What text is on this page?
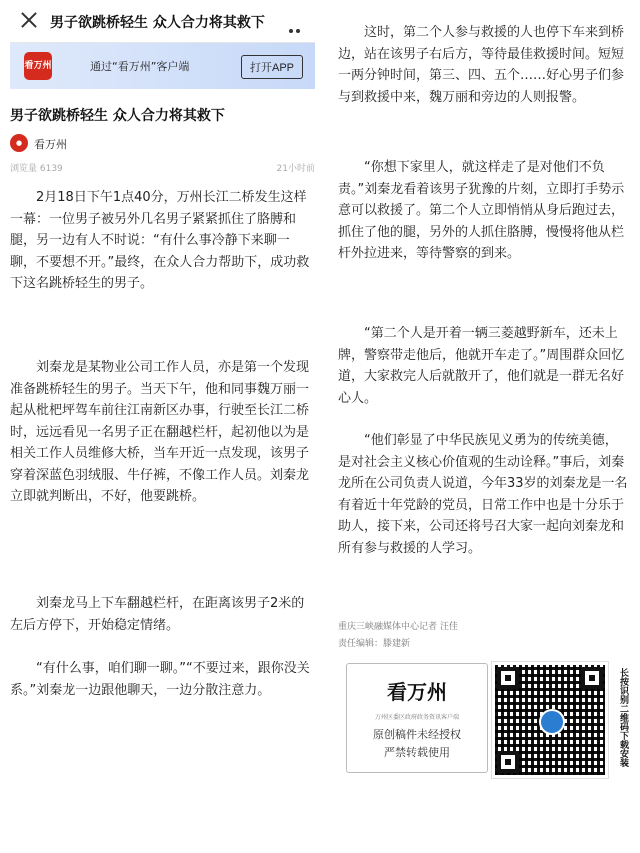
男子欲跳桥轻生 众人合力将其救下
看万州	通过“看万州”客户端	打开APP
男子欲跳桥轻生 众人合力将其救下
●	看万州
浏览量 6139	21小时前

2月18日下午1点40分，万州长江二桥发生这样一幕：一位男子被另外几名男子紧紧抓住了胳膊和腿，另一边有人不时说：“有什么事冷静下来聊一聊，不要想不开。”最终，在众人合力帮助下，成功救下这名跳桥轻生的男子。

刘秦龙是某物业公司工作人员，亦是第一个发现准备跳桥轻生的男子。当天下午，他和同事魏万丽一起从枇杷坪驾车前往江南新区办事，行驶至长江二桥时，远远看见一名男子正在翻越栏杆，起初他以为是相关工作人员维修大桥，当车开近一点发现，该男子穿着深蓝色羽绒服、牛仔裤，不像工作人员。刘秦龙立即就判断出，不好，他要跳桥。

刘秦龙马上下车翻越栏杆，在距离该男子2米的左后方停下，开始稳定情绪。

“有什么事，咱们聊一聊。”“不要过来，跟你没关系。”刘秦龙一边跟他聊天，一边分散注意力。

这时，第二个人参与救援的人也停下车来到桥边，站在该男子右后方，等待最佳救援时间。短短一两分钟时间，第三、四、五个……好心男子们参与到救援中来，魏万丽和旁边的人则报警。

“你想下家里人，就这样走了是对他们不负责。”刘秦龙看着该男子犹豫的片刻，立即打手势示意可以救援了。第二个人立即悄悄从身后跑过去，抓住了他的腿，另外的人抓住胳膊，慢慢将他从栏杆外拉进来，等待警察的到来。

“第二个人是开着一辆三菱越野新车，还未上牌，警察带走他后，他就开车走了。”周围群众回忆道，大家救完人后就散开了，他们就是一群无名好心人。

“他们彰显了中华民族见义勇为的传统美德，是对社会主义核心价值观的生动诠释。”事后，刘秦龙所在公司负责人说道，今年33岁的刘秦龙是一名有着近十年党龄的党员，日常工作中也是十分乐于助人，接下来，公司还将号召大家一起向刘秦龙和所有参与救援的人学习。

重庆三峡融媒体中心记者 汪佳
责任编辑：滕建新
看万州
万州区委区政府政务资讯客户端
原创稿件未经授权
严禁转载使用	长按识别二维码下载安装
